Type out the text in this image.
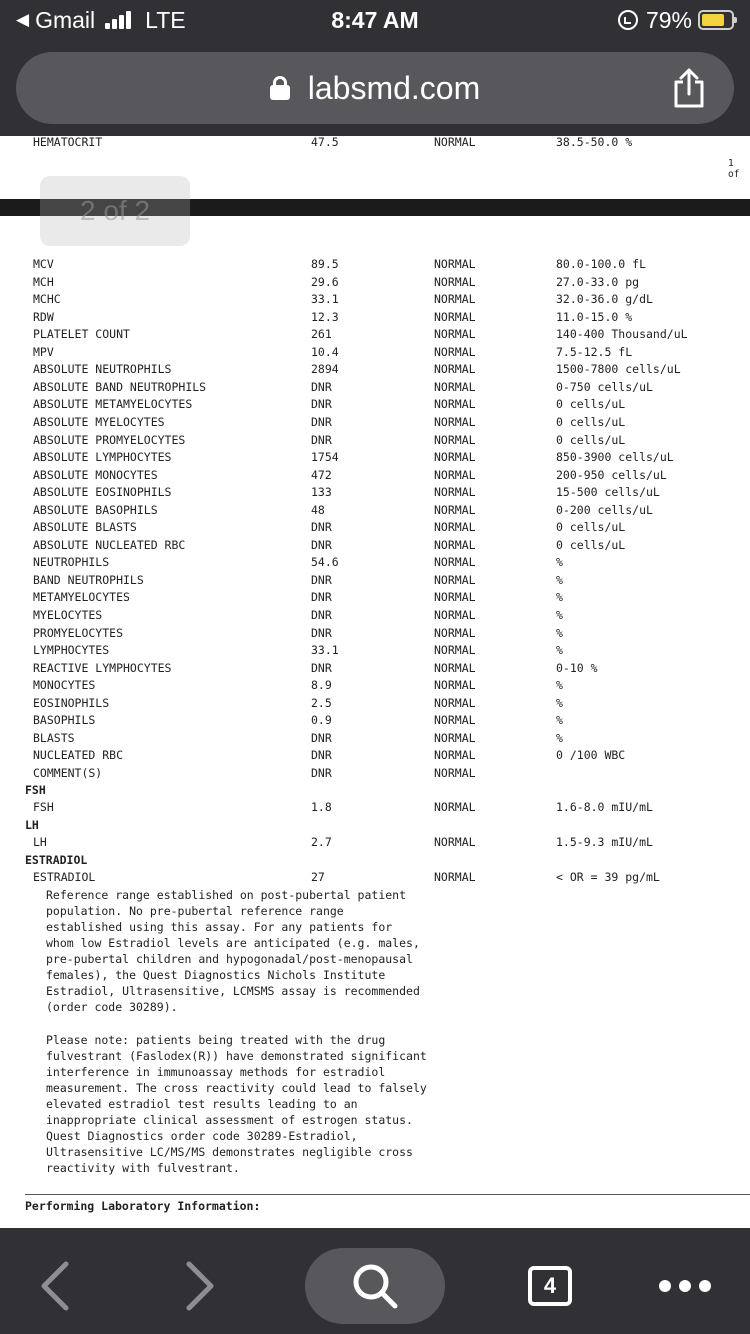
◀ Gmail LTE	8:47 AM	79%
labsmd.com
HEMATOCRIT	47.5	NORMAL	38.5-50.0 %
1 of
2 of 2
MCV	89.5	NORMAL	80.0-100.0 fL
MCH	29.6	NORMAL	27.0-33.0 pg
MCHC	33.1	NORMAL	32.0-36.0 g/dL
RDW	12.3	NORMAL	11.0-15.0 %
PLATELET COUNT	261	NORMAL	140-400 Thousand/uL
MPV	10.4	NORMAL	7.5-12.5 fL
ABSOLUTE NEUTROPHILS	2894	NORMAL	1500-7800 cells/uL
ABSOLUTE BAND NEUTROPHILS	DNR	NORMAL	0-750 cells/uL
ABSOLUTE METAMYELOCYTES	DNR	NORMAL	0 cells/uL
ABSOLUTE MYELOCYTES	DNR	NORMAL	0 cells/uL
ABSOLUTE PROMYELOCYTES	DNR	NORMAL	0 cells/uL
ABSOLUTE LYMPHOCYTES	1754	NORMAL	850-3900 cells/uL
ABSOLUTE MONOCYTES	472	NORMAL	200-950 cells/uL
ABSOLUTE EOSINOPHILS	133	NORMAL	15-500 cells/uL
ABSOLUTE BASOPHILS	48	NORMAL	0-200 cells/uL
ABSOLUTE BLASTS	DNR	NORMAL	0 cells/uL
ABSOLUTE NUCLEATED RBC	DNR	NORMAL	0 cells/uL
NEUTROPHILS	54.6	NORMAL	%
BAND NEUTROPHILS	DNR	NORMAL	%
METAMYELOCYTES	DNR	NORMAL	%
MYELOCYTES	DNR	NORMAL	%
PROMYELOCYTES	DNR	NORMAL	%
LYMPHOCYTES	33.1	NORMAL	%
REACTIVE LYMPHOCYTES	DNR	NORMAL	0-10 %
MONOCYTES	8.9	NORMAL	%
EOSINOPHILS	2.5	NORMAL	%
BASOPHILS	0.9	NORMAL	%
BLASTS	DNR	NORMAL	%
NUCLEATED RBC	DNR	NORMAL	0 /100 WBC
COMMENT(S)	DNR	NORMAL
FSH
FSH	1.8	NORMAL	1.6-8.0 mIU/mL
LH
LH	2.7	NORMAL	1.5-9.3 mIU/mL
ESTRADIOL
ESTRADIOL	27	NORMAL	< OR = 39 pg/mL
Reference range established on post-pubertal patient
population. No pre-pubertal reference range
established using this assay. For any patients for
whom low Estradiol levels are anticipated (e.g. males,
pre-pubertal children and hypogonadal/post-menopausal
females), the Quest Diagnostics Nichols Institute
Estradiol, Ultrasensitive, LCMSMS assay is recommended
(order code 30289).
Please note: patients being treated with the drug
fulvestrant (Faslodex(R)) have demonstrated significant
interference in immunoassay methods for estradiol
measurement. The cross reactivity could lead to falsely
elevated estradiol test results leading to an
inappropriate clinical assessment of estrogen status.
Quest Diagnostics order code 30289-Estradiol,
Ultrasensitive LC/MS/MS demonstrates negligible cross
reactivity with fulvestrant.
Performing Laboratory Information:
4
